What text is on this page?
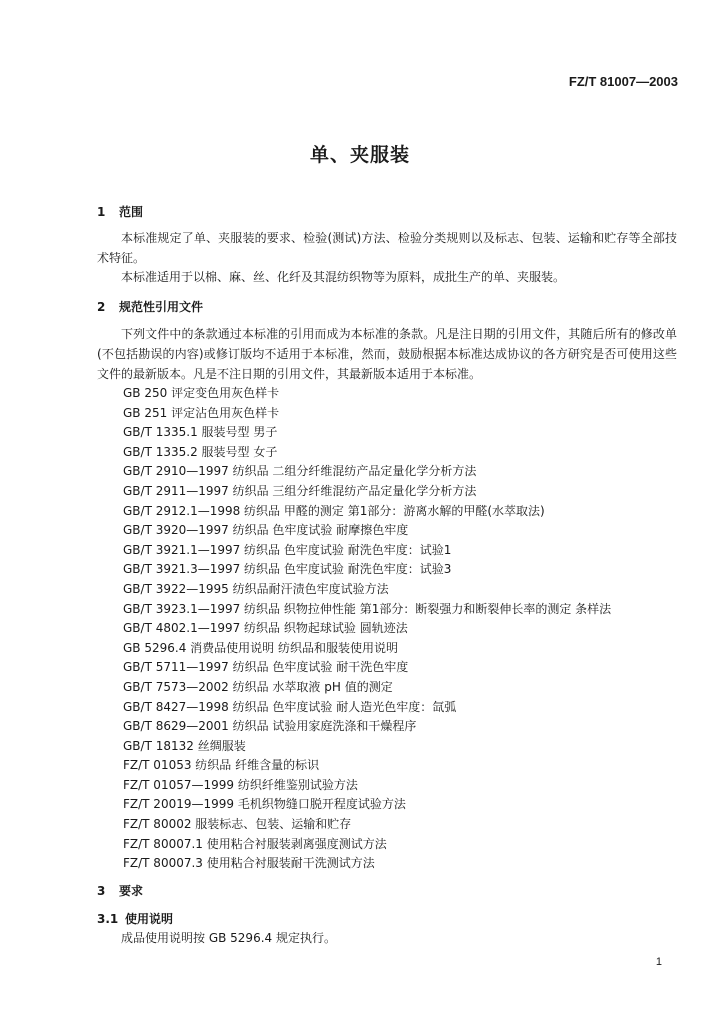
FZ/T 81007—2003
单、夹服装
1 范围
本标准规定了单、夹服装的要求、检验(测试)方法、检验分类规则以及标志、包装、运输和贮存等全部技术特征。
本标准适用于以棉、麻、丝、化纤及其混纺织物等为原料，成批生产的单、夹服装。
2 规范性引用文件
下列文件中的条款通过本标准的引用而成为本标准的条款。凡是注日期的引用文件，其随后所有的修改单(不包括勘误的内容)或修订版均不适用于本标准，然而，鼓励根据本标准达成协议的各方研究是否可使用这些文件的最新版本。凡是不注日期的引用文件，其最新版本适用于本标准。
GB 250 评定变色用灰色样卡
GB 251 评定沾色用灰色样卡
GB/T 1335.1 服装号型 男子
GB/T 1335.2 服装号型 女子
GB/T 2910—1997 纺织品 二组分纤维混纺产品定量化学分析方法
GB/T 2911—1997 纺织品 三组分纤维混纺产品定量化学分析方法
GB/T 2912.1—1998 纺织品 甲醛的测定 第1部分：游离水解的甲醛(水萃取法)
GB/T 3920—1997 纺织品 色牢度试验 耐摩擦色牢度
GB/T 3921.1—1997 纺织品 色牢度试验 耐洗色牢度：试验1
GB/T 3921.3—1997 纺织品 色牢度试验 耐洗色牢度：试验3
GB/T 3922—1995 纺织品耐汗渍色牢度试验方法
GB/T 3923.1—1997 纺织品 织物拉伸性能 第1部分：断裂强力和断裂伸长率的测定 条样法
GB/T 4802.1—1997 纺织品 织物起球试验 圆轨迹法
GB 5296.4 消费品使用说明 纺织品和服装使用说明
GB/T 5711—1997 纺织品 色牢度试验 耐干洗色牢度
GB/T 7573—2002 纺织品 水萃取液 pH 值的测定
GB/T 8427—1998 纺织品 色牢度试验 耐人造光色牢度：氙弧
GB/T 8629—2001 纺织品 试验用家庭洗涤和干燥程序
GB/T 18132 丝绸服装
FZ/T 01053 纺织品 纤维含量的标识
FZ/T 01057—1999 纺织纤维鉴别试验方法
FZ/T 20019—1999 毛机织物缝口脱开程度试验方法
FZ/T 80002 服装标志、包装、运输和贮存
FZ/T 80007.1 使用粘合衬服装剥离强度测试方法
FZ/T 80007.3 使用粘合衬服装耐干洗测试方法
3 要求
3.1 使用说明
成品使用说明按 GB 5296.4 规定执行。
1
